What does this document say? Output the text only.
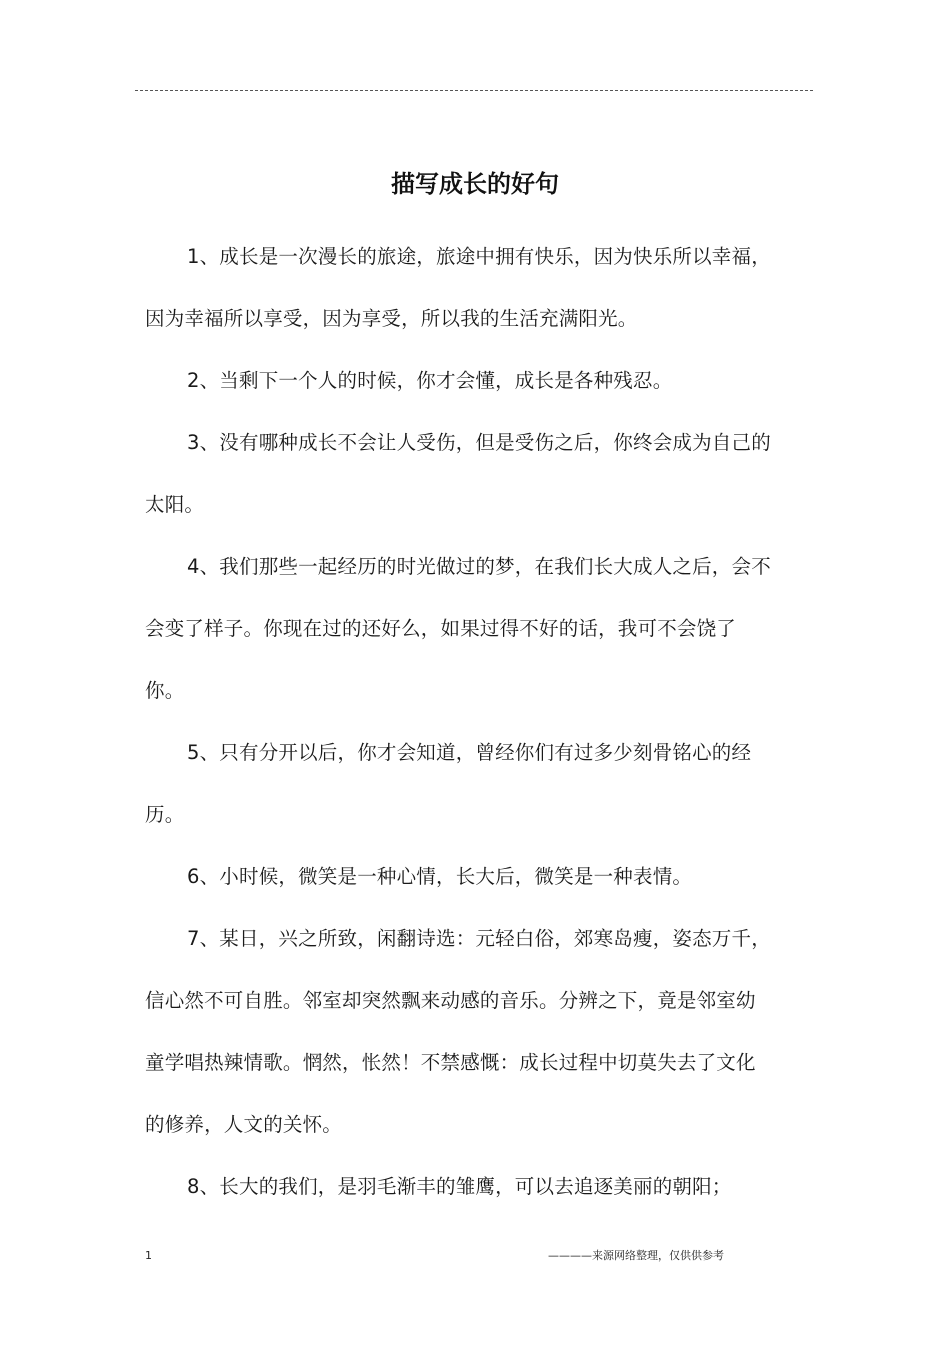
描写成长的好句

1、成长是一次漫长的旅途，旅途中拥有快乐，因为快乐所以幸福，因为幸福所以享受，因为享受，所以我的生活充满阳光。

2、当剩下一个人的时候，你才会懂，成长是各种残忍。

3、没有哪种成长不会让人受伤，但是受伤之后，你终会成为自己的太阳。

4、我们那些一起经历的时光做过的梦，在我们长大成人之后，会不会变了样子。你现在过的还好么，如果过得不好的话，我可不会饶了你。

5、只有分开以后，你才会知道，曾经你们有过多少刻骨铭心的经历。

6、小时候，微笑是一种心情，长大后，微笑是一种表情。

7、某日，兴之所致，闲翻诗选：元轻白俗，郊寒岛瘦，姿态万千，信心然不可自胜。邻室却突然飘来动感的音乐。分辨之下，竟是邻室幼童学唱热辣情歌。惘然，怅然！不禁感慨：成长过程中切莫失去了文化的修养，人文的关怀。

8、长大的我们，是羽毛渐丰的雏鹰，可以去追逐美丽的朝阳；

1	————来源网络整理，仅供供参考
